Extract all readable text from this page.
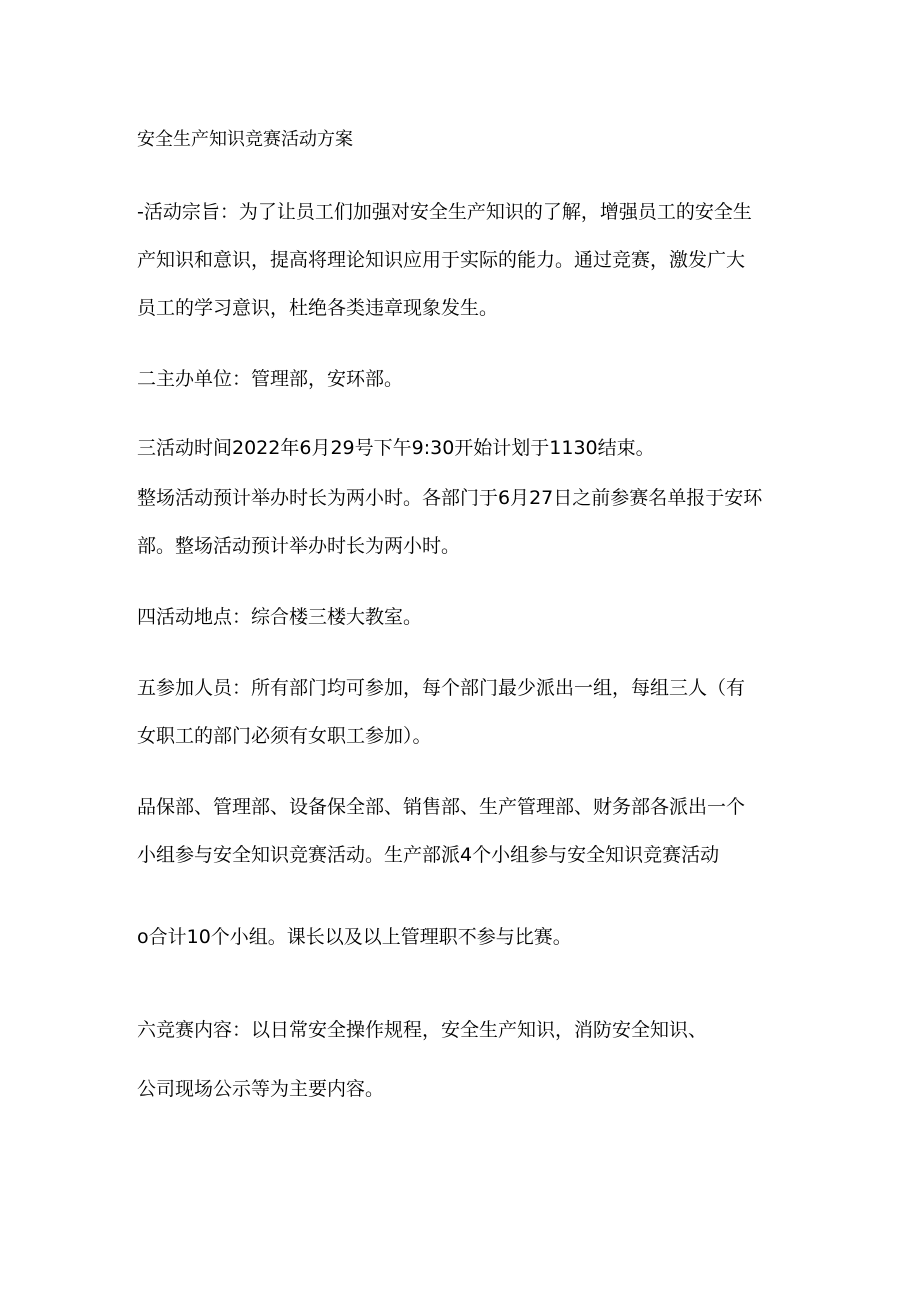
安全生产知识竞赛活动方案

-活动宗旨：为了让员工们加强对安全生产知识的了解，增强员工的安全生

产知识和意识，提高将理论知识应用于实际的能力。通过竞赛，激发广大

员工的学习意识，杜绝各类违章现象发生。

二主办单位：管理部，安环部。

三活动时间2022年6月29号下午9:30开始计划于1130结束。

整场活动预计举办时长为两小时。各部门于6月27日之前参赛名单报于安环

部。整场活动预计举办时长为两小时。

四活动地点：综合楼三楼大教室。

五参加人员：所有部门均可参加，每个部门最少派出一组，每组三人（有

女职工的部门必须有女职工参加）。

品保部、管理部、设备保全部、销售部、生产管理部、财务部各派出一个

小组参与安全知识竞赛活动。生产部派4个小组参与安全知识竞赛活动

o合计10个小组。课长以及以上管理职不参与比赛。

六竞赛内容：以日常安全操作规程，安全生产知识，消防安全知识、

公司现场公示等为主要内容。
